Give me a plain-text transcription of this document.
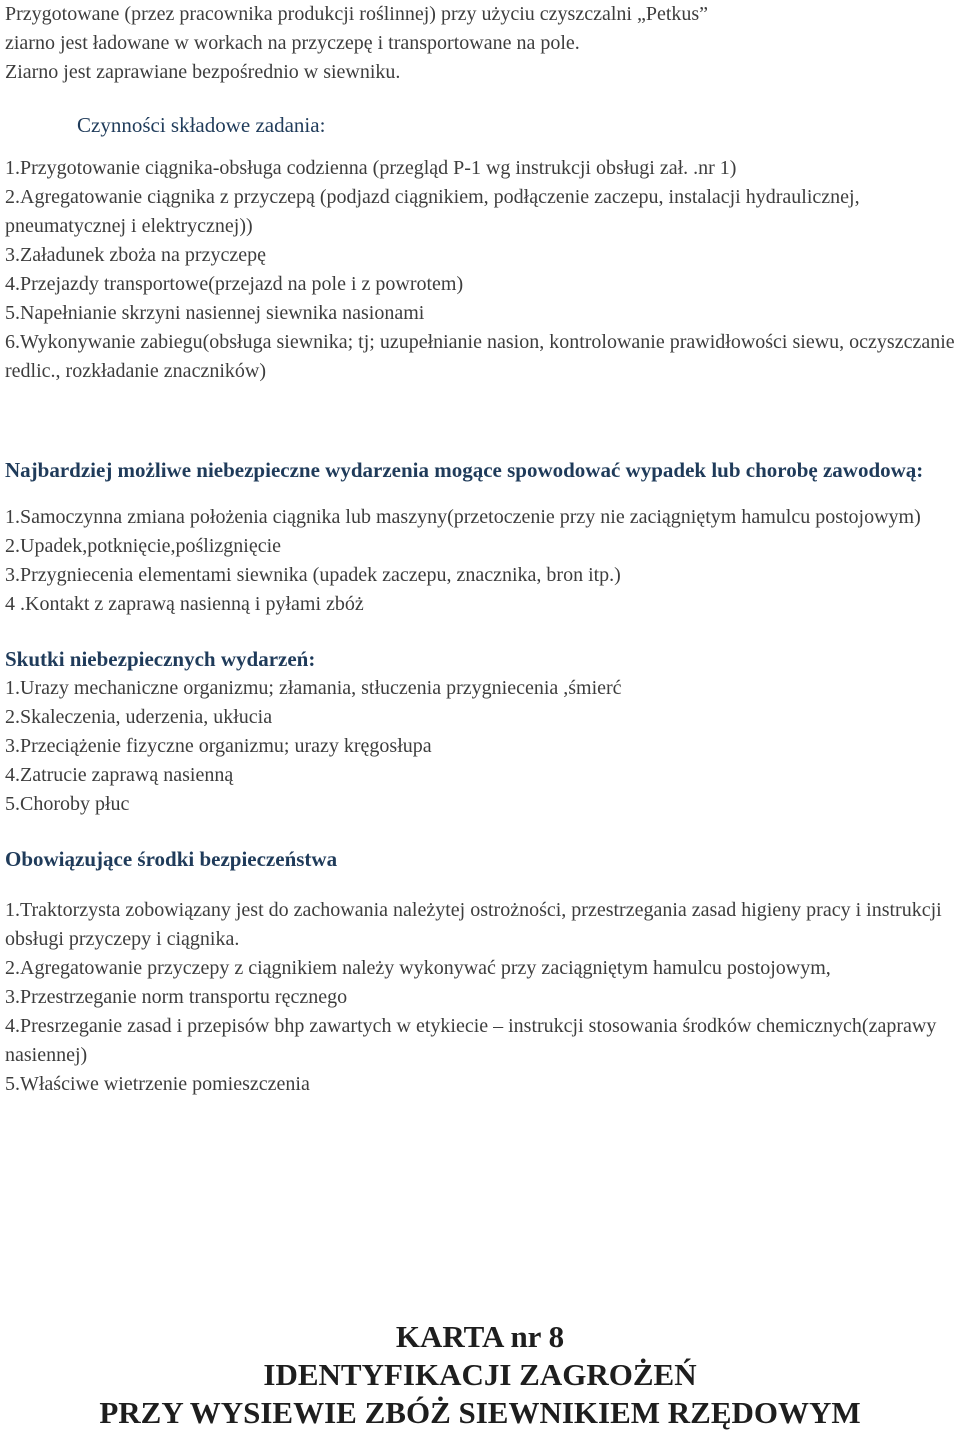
Przygotowane (przez pracownika produkcji roślinnej) przy użyciu czyszczalni „Petkus”

ziarno jest ładowane w workach na przyczepę i transportowane na pole.

Ziarno jest zaprawiane bezpośrednio w siewniku.

Czynności składowe zadania:

1.Przygotowanie ciągnika-obsługa codzienna (przegląd P-1 wg instrukcji obsługi zał. .nr 1)

2.Agregatowanie ciągnika z przyczepą (podjazd ciągnikiem, podłączenie zaczepu, instalacji hydraulicznej, pneumatycznej i elektrycznej))

3.Załadunek zboża na przyczepę

4.Przejazdy transportowe(przejazd na pole i z powrotem)

5.Napełnianie skrzyni nasiennej siewnika nasionami

6.Wykonywanie zabiegu(obsługa siewnika; tj; uzupełnianie nasion, kontrolowanie prawidłowości siewu, oczyszczanie redlic., rozkładanie znaczników)

Najbardziej możliwe niebezpieczne wydarzenia mogące spowodować wypadek lub chorobę zawodową:

1.Samoczynna zmiana położenia ciągnika lub maszyny(przetoczenie przy nie zaciągniętym hamulcu postojowym)

2.Upadek,potknięcie,poślizgnięcie

3.Przygniecenia elementami siewnika (upadek zaczepu, znacznika, bron itp.)

4 .Kontakt z zaprawą nasienną i pyłami zbóż

Skutki niebezpiecznych wydarzeń:

1.Urazy mechaniczne organizmu; złamania, stłuczenia przygniecenia ,śmierć

2.Skaleczenia, uderzenia, ukłucia

3.Przeciążenie fizyczne organizmu; urazy kręgosłupa

4.Zatrucie zaprawą nasienną

5.Choroby płuc

Obowiązujące środki bezpieczeństwa

1.Traktorzysta zobowiązany jest do zachowania należytej ostrożności, przestrzegania zasad higieny pracy i instrukcji obsługi przyczepy i ciągnika.

2.Agregatowanie przyczepy z ciągnikiem należy wykonywać przy zaciągniętym hamulcu postojowym,

3.Przestrzeganie norm transportu ręcznego

4.Presrzeganie zasad i przepisów bhp zawartych w etykiecie – instrukcji stosowania środków chemicznych(zaprawy nasiennej)

5.Właściwe wietrzenie pomieszczenia

KARTA nr 8
IDENTYFIKACJI ZAGROŻEŃ
PRZY WYSIEWIE ZBÓŻ SIEWNIKIEM RZĘDOWYM
